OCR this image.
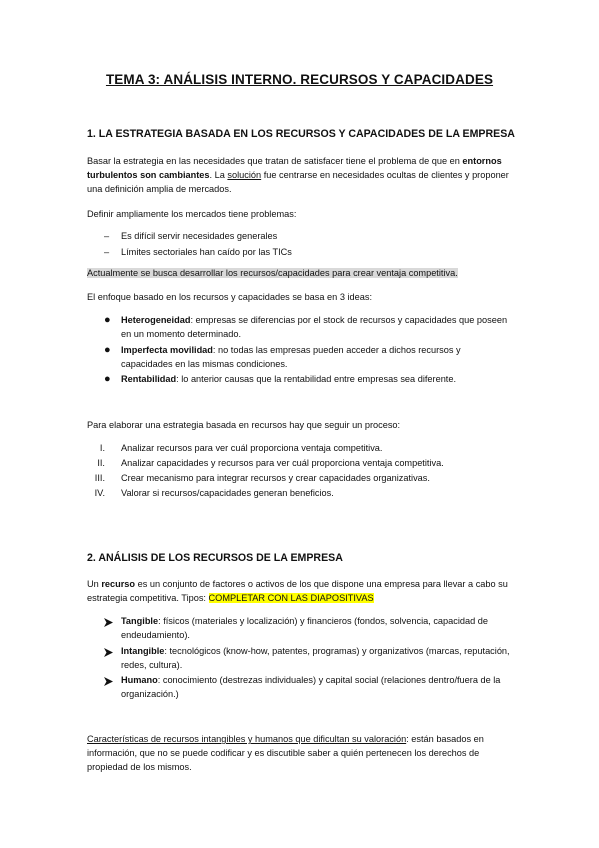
TEMA 3: ANÁLISIS INTERNO. RECURSOS Y CAPACIDADES
1. LA ESTRATEGIA BASADA EN LOS RECURSOS Y CAPACIDADES DE LA EMPRESA
Basar la estrategia en las necesidades que tratan de satisfacer tiene el problema de que en entornos turbulentos son cambiantes. La solución fue centrarse en necesidades ocultas de clientes y proponer una definición amplia de mercados.
Definir ampliamente los mercados tiene problemas:
– Es difícil servir necesidades generales
– Límites sectoriales han caído por las TICs
Actualmente se busca desarrollar los recursos/capacidades para crear ventaja competitiva.
El enfoque basado en los recursos y capacidades se basa en 3 ideas:
● Heterogeneidad: empresas se diferencias por el stock de recursos y capacidades que poseen en un momento determinado.
● Imperfecta movilidad: no todas las empresas pueden acceder a dichos recursos y capacidades en las mismas condiciones.
● Rentabilidad: lo anterior causas que la rentabilidad entre empresas sea diferente.
Para elaborar una estrategia basada en recursos hay que seguir un proceso:
I. Analizar recursos para ver cuál proporciona ventaja competitiva.
II. Analizar capacidades y recursos para ver cuál proporciona ventaja competitiva.
III. Crear mecanismo para integrar recursos y crear capacidades organizativas.
IV. Valorar si recursos/capacidades generan beneficios.
2. ANÁLISIS DE LOS RECURSOS DE LA EMPRESA
Un recurso es un conjunto de factores o activos de los que dispone una empresa para llevar a cabo su estrategia competitiva. Tipos: COMPLETAR CON LAS DIAPOSITIVAS
Tangible: físicos (materiales y localización) y financieros (fondos, solvencia, capacidad de endeudamiento).
Intangible: tecnológicos (know-how, patentes, programas) y organizativos (marcas, reputación, redes, cultura).
Humano: conocimiento (destrezas individuales) y capital social (relaciones dentro/fuera de la organización.)
Características de recursos intangibles y humanos que dificultan su valoración: están basados en información, que no se puede codificar y es discutible saber a quién pertenecen los derechos de propiedad de los mismos.
